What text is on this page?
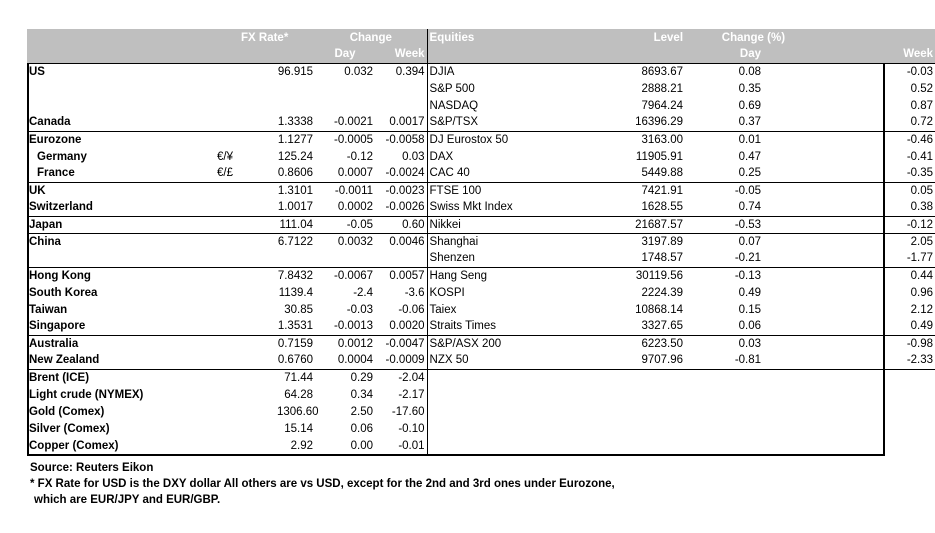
	FX Rate*		Change		Equities	Level	Change (%)	
			Day	Week			Day	Week
US		96.915	0.032	0.394	DJIA	8693.67	0.08	-0.03
					S&P 500	2888.21	0.35	0.52
					NASDAQ	7964.24	0.69	0.87
Canada		1.3338	-0.0021	0.0017	S&P/TSX	16396.29	0.37	0.72
Eurozone		1.1277	-0.0005	-0.0058	DJ Eurostox 50	3163.00	0.01	-0.46
Germany	€/¥	125.24	-0.12	0.03	DAX	11905.91	0.47	-0.41
France	€/£	0.8606	0.0007	-0.0024	CAC 40	5449.88	0.25	-0.35
UK		1.3101	-0.0011	-0.0023	FTSE 100	7421.91	-0.05	0.05
Switzerland		1.0017	0.0002	-0.0026	Swiss Mkt Index	1628.55	0.74	0.38
Japan		111.04	-0.05	0.60	Nikkei	21687.57	-0.53	-0.12
China		6.7122	0.0032	0.0046	Shanghai	3197.89	0.07	2.05
					Shenzen	1748.57	-0.21	-1.77
Hong Kong		7.8432	-0.0067	0.0057	Hang Seng	30119.56	-0.13	0.44
South Korea		1139.4	-2.4	-3.6	KOSPI	2224.39	0.49	0.96
Taiwan		30.85	-0.03	-0.06	Taiex	10868.14	0.15	2.12
Singapore		1.3531	-0.0013	0.0020	Straits Times	3327.65	0.06	0.49
Australia		0.7159	0.0012	-0.0047	S&P/ASX 200	6223.50	0.03	-0.98
New Zealand		0.6760	0.0004	-0.0009	NZX 50	9707.96	-0.81	-2.33
Brent (ICE)		71.44	0.29	-2.04				
Light crude (NYMEX)		64.28	0.34	-2.17				
Gold (Comex)		1306.60	2.50	-17.60				
Silver (Comex)		15.14	0.06	-0.10				
Copper (Comex)		2.92	0.00	-0.01				
Source: Reuters Eikon
* FX Rate for USD is the DXY dollar All others are vs USD, except for the 2nd and 3rd ones under Eurozone,
which are EUR/JPY and EUR/GBP.
